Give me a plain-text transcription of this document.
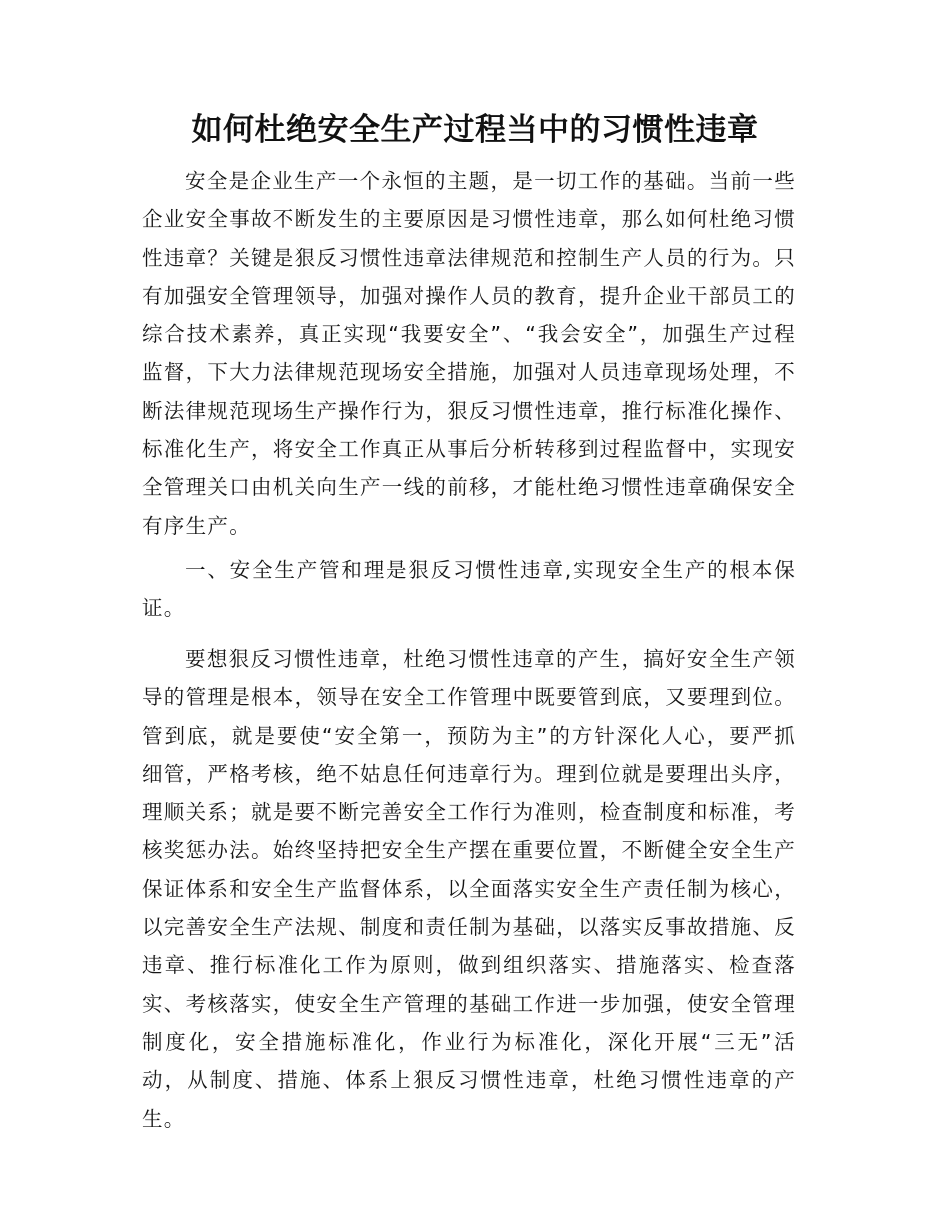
如何杜绝安全生产过程当中的习惯性违章

安全是企业生产一个永恒的主题，是一切工作的基础。当前一些企业安全事故不断发生的主要原因是习惯性违章，那么如何杜绝习惯性违章？关键是狠反习惯性违章法律规范和控制生产人员的行为。只有加强安全管理领导，加强对操作人员的教育，提升企业干部员工的综合技术素养，真正实现“我要安全”、“我会安全”，加强生产过程监督，下大力法律规范现场安全措施，加强对人员违章现场处理，不断法律规范现场生产操作行为，狠反习惯性违章，推行标准化操作、标准化生产，将安全工作真正从事后分析转移到过程监督中，实现安全管理关口由机关向生产一线的前移，才能杜绝习惯性违章确保安全有序生产。

一、安全生产管和理是狠反习惯性违章,实现安全生产的根本保证。

要想狠反习惯性违章，杜绝习惯性违章的产生，搞好安全生产领导的管理是根本，领导在安全工作管理中既要管到底，又要理到位。管到底，就是要使“安全第一，预防为主”的方针深化人心，要严抓细管，严格考核，绝不姑息任何违章行为。理到位就是要理出头序，理顺关系；就是要不断完善安全工作行为准则，检查制度和标准，考核奖惩办法。始终坚持把安全生产摆在重要位置，不断健全安全生产保证体系和安全生产监督体系，以全面落实安全生产责任制为核心，以完善安全生产法规、制度和责任制为基础，以落实反事故措施、反违章、推行标准化工作为原则，做到组织落实、措施落实、检查落实、考核落实，使安全生产管理的基础工作进一步加强，使安全管理制度化，安全措施标准化，作业行为标准化，深化开展“三无”活动，从制度、措施、体系上狠反习惯性违章，杜绝习惯性违章的产生。
